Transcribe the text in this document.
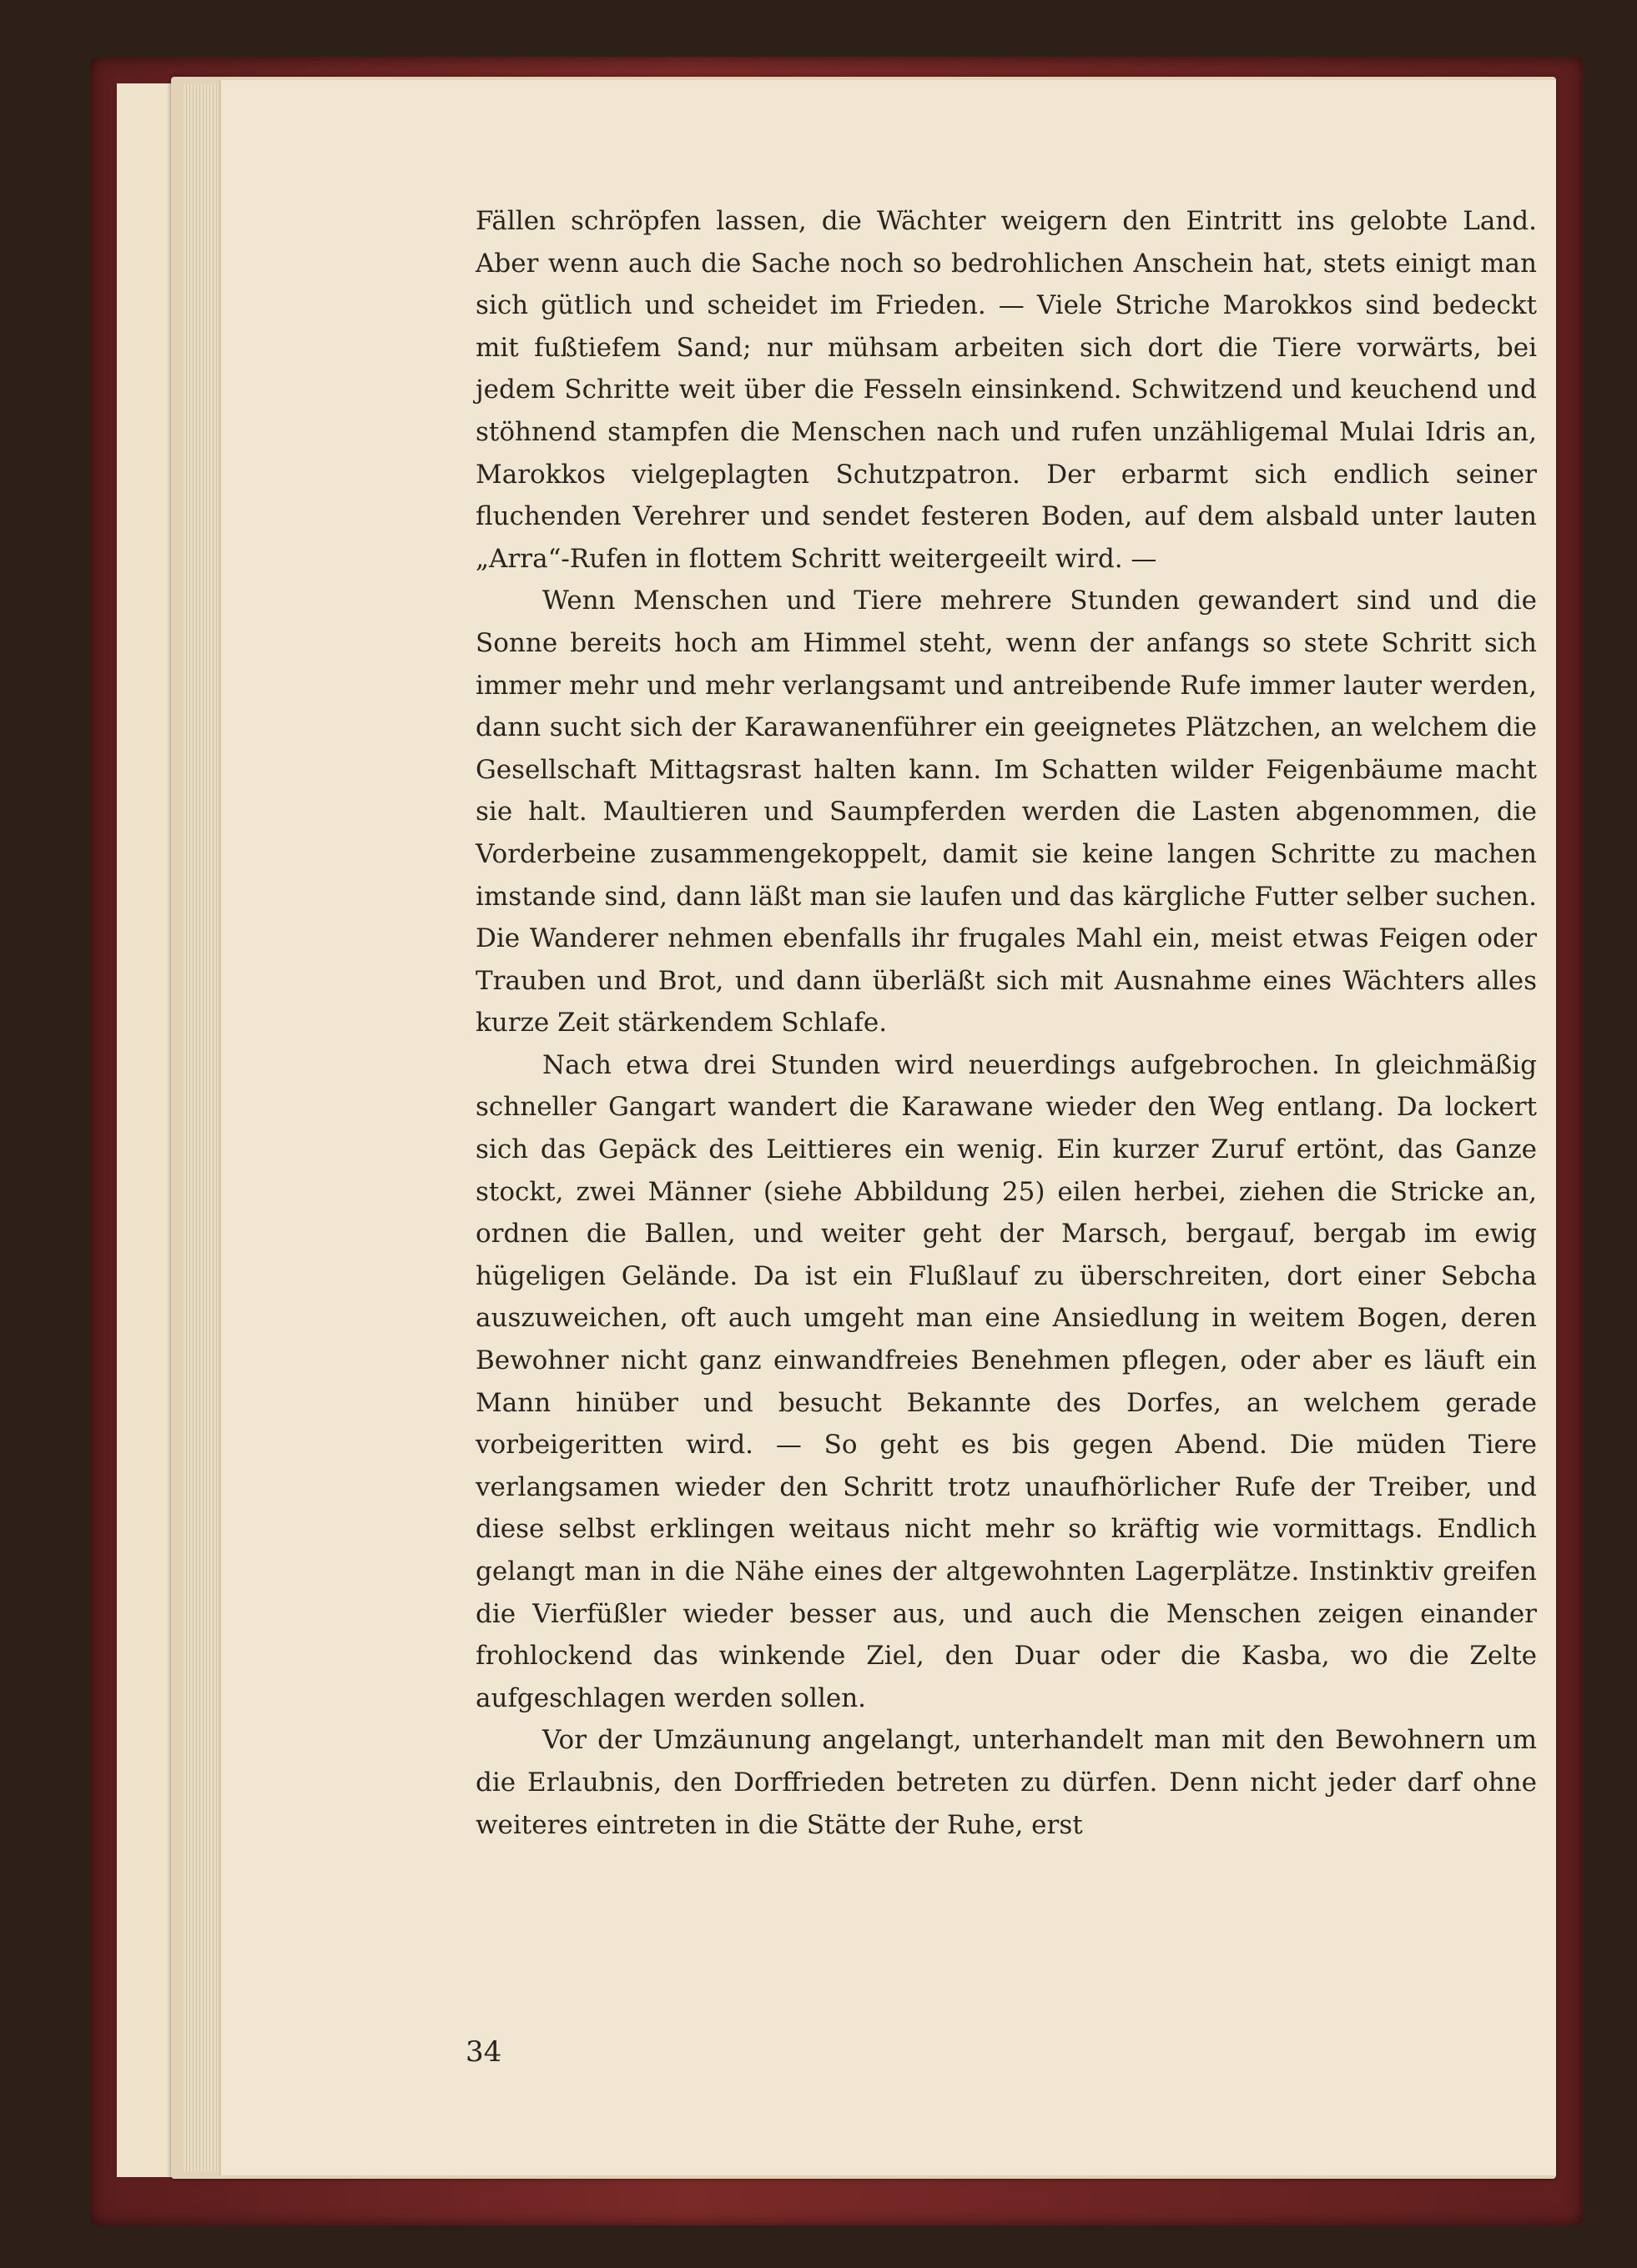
Fällen schröpfen lassen, die Wächter weigern den Eintritt ins gelobte Land. Aber wenn auch die Sache noch so bedrohlichen Anschein hat, stets einigt man sich gütlich und scheidet im Frieden. — Viele Striche Marokkos sind bedeckt mit fußtiefem Sand; nur mühsam arbeiten sich dort die Tiere vorwärts, bei jedem Schritte weit über die Fesseln einsinkend. Schwitzend und keuchend und stöhnend stampfen die Menschen nach und rufen unzähligemal Mulai Idris an, Marokkos vielgeplagten Schutzpatron. Der erbarmt sich endlich seiner fluchenden Verehrer und sendet festeren Boden, auf dem alsbald unter lauten „Arra“-Rufen in flottem Schritt weitergeeilt wird. —

Wenn Menschen und Tiere mehrere Stunden gewandert sind und die Sonne bereits hoch am Himmel steht, wenn der anfangs so stete Schritt sich immer mehr und mehr verlangsamt und antreibende Rufe immer lauter werden, dann sucht sich der Karawanenführer ein geeignetes Plätzchen, an welchem die Gesellschaft Mittagsrast halten kann. Im Schatten wilder Feigenbäume macht sie halt. Maultieren und Saumpferden werden die Lasten abgenommen, die Vorderbeine zusammengekoppelt, damit sie keine langen Schritte zu machen imstande sind, dann läßt man sie laufen und das kärgliche Futter selber suchen. Die Wanderer nehmen ebenfalls ihr frugales Mahl ein, meist etwas Feigen oder Trauben und Brot, und dann überläßt sich mit Ausnahme eines Wächters alles kurze Zeit stärkendem Schlafe.

Nach etwa drei Stunden wird neuerdings aufgebrochen. In gleichmäßig schneller Gangart wandert die Karawane wieder den Weg entlang. Da lockert sich das Gepäck des Leittieres ein wenig. Ein kurzer Zuruf ertönt, das Ganze stockt, zwei Männer (siehe Abbildung 25) eilen herbei, ziehen die Stricke an, ordnen die Ballen, und weiter geht der Marsch, bergauf, bergab im ewig hügeligen Gelände. Da ist ein Flußlauf zu überschreiten, dort einer Sebcha auszuweichen, oft auch umgeht man eine Ansiedlung in weitem Bogen, deren Bewohner nicht ganz einwandfreies Benehmen pflegen, oder aber es läuft ein Mann hinüber und besucht Bekannte des Dorfes, an welchem gerade vorbeigeritten wird. — So geht es bis gegen Abend. Die müden Tiere verlangsamen wieder den Schritt trotz unaufhörlicher Rufe der Treiber, und diese selbst erklingen weitaus nicht mehr so kräftig wie vormittags. Endlich gelangt man in die Nähe eines der altgewohnten Lagerplätze. Instinktiv greifen die Vierfüßler wieder besser aus, und auch die Menschen zeigen einander frohlockend das winkende Ziel, den Duar oder die Kasba, wo die Zelte aufgeschlagen werden sollen.

Vor der Umzäunung angelangt, unterhandelt man mit den Bewohnern um die Erlaubnis, den Dorffrieden betreten zu dürfen. Denn nicht jeder darf ohne weiteres eintreten in die Stätte der Ruhe, erst

34
